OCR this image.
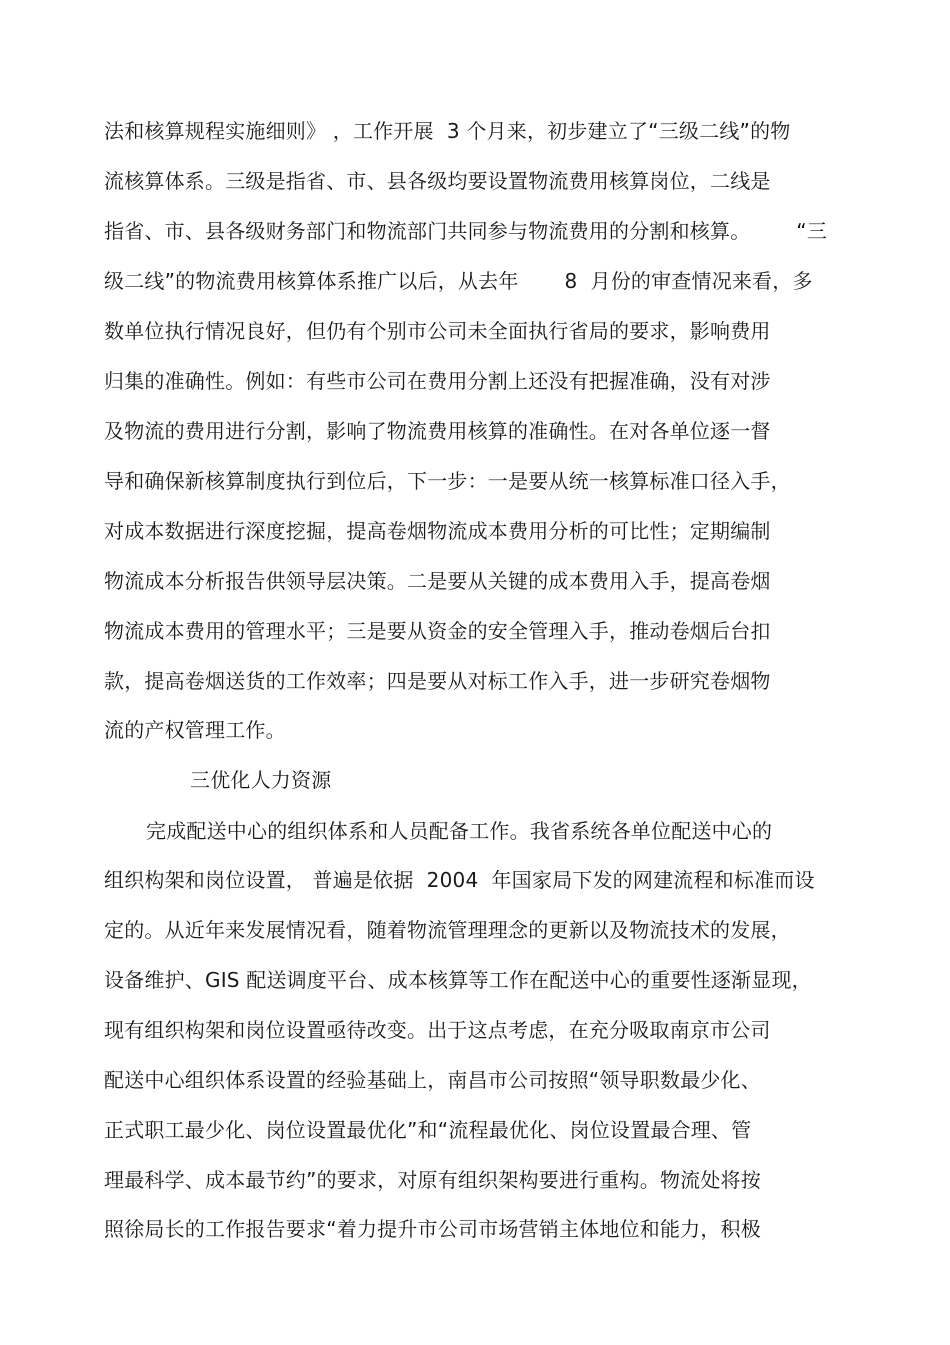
法和核算规程实施细则》 ，工作开展  3 个月来，初步建立了“三级二线”的物
流核算体系。三级是指省、市、县各级均要设置物流费用核算岗位，二线是
指省、市、县各级财务部门和物流部门共同参与物流费用的分割和核算。       “三
级二线”的物流费用核算体系推广以后，从去年       8  月份的审查情况来看，多
数单位执行情况良好，但仍有个别市公司未全面执行省局的要求，影响费用
归集的准确性。例如：有些市公司在费用分割上还没有把握准确，没有对涉
及物流的费用进行分割，影响了物流费用核算的准确性。在对各单位逐一督
导和确保新核算制度执行到位后，下一步：一是要从统一核算标准口径入手，
对成本数据进行深度挖掘，提高卷烟物流成本费用分析的可比性；定期编制
物流成本分析报告供领导层决策。二是要从关键的成本费用入手，提高卷烟
物流成本费用的管理水平；三是要从资金的安全管理入手，推动卷烟后台扣
款，提高卷烟送货的工作效率；四是要从对标工作入手，进一步研究卷烟物
流的产权管理工作。
三优化人力资源
完成配送中心的组织体系和人员配备工作。我省系统各单位配送中心的
组织构架和岗位设置， 普遍是依据  2004  年国家局下发的网建流程和标准而设
定的。从近年来发展情况看，随着物流管理理念的更新以及物流技术的发展，
设备维护、GIS 配送调度平台、成本核算等工作在配送中心的重要性逐渐显现，
现有组织构架和岗位设置亟待改变。出于这点考虑，在充分吸取南京市公司
配送中心组织体系设置的经验基础上，南昌市公司按照“领导职数最少化、
正式职工最少化、岗位设置最优化”和“流程最优化、岗位设置最合理、管
理最科学、成本最节约”的要求，对原有组织架构要进行重构。物流处将按
照徐局长的工作报告要求“着力提升市公司市场营销主体地位和能力，积极
